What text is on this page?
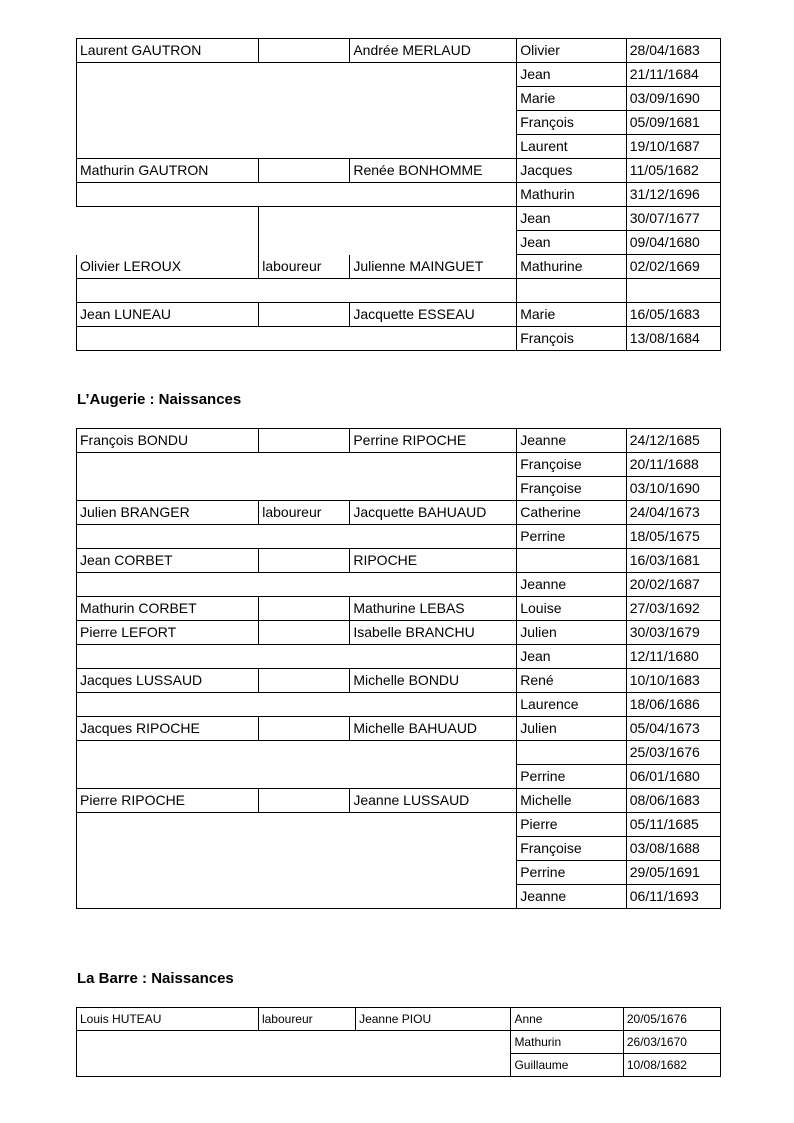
Laurent GAUTRON		Andrée MERLAUD	Olivier	28/04/1683
			Jean	21/11/1684
			Marie	03/09/1690
			François	05/09/1681
			Laurent	19/10/1687
Mathurin GAUTRON		Renée BONHOMME	Jacques	11/05/1682
			Mathurin	31/12/1696
			Jean	30/07/1677
			Jean	09/04/1680
Olivier LEROUX	laboureur	Julienne MAINGUET	Mathurine	02/02/1669

Jean LUNEAU		Jacquette ESSEAU	Marie	16/05/1683
			François	13/08/1684
L’Augerie : Naissances
François BONDU		Perrine RIPOCHE	Jeanne	24/12/1685
			Françoise	20/11/1688
			Françoise	03/10/1690
Julien BRANGER	laboureur	Jacquette BAHUAUD	Catherine	24/04/1673
			Perrine	18/05/1675
Jean CORBET		RIPOCHE		16/03/1681
			Jeanne	20/02/1687
Mathurin CORBET		Mathurine LEBAS	Louise	27/03/1692
Pierre LEFORT		Isabelle BRANCHU	Julien	30/03/1679
			Jean	12/11/1680
Jacques LUSSAUD		Michelle BONDU	René	10/10/1683
			Laurence	18/06/1686
Jacques RIPOCHE		Michelle BAHUAUD	Julien	05/04/1673
				25/03/1676
			Perrine	06/01/1680
Pierre RIPOCHE		Jeanne LUSSAUD	Michelle	08/06/1683
			Pierre	05/11/1685
			Françoise	03/08/1688
			Perrine	29/05/1691
			Jeanne	06/11/1693
La Barre : Naissances
Louis HUTEAU	laboureur	Jeanne PIOU	Anne	20/05/1676
			Mathurin	26/03/1670
			Guillaume	10/08/1682
